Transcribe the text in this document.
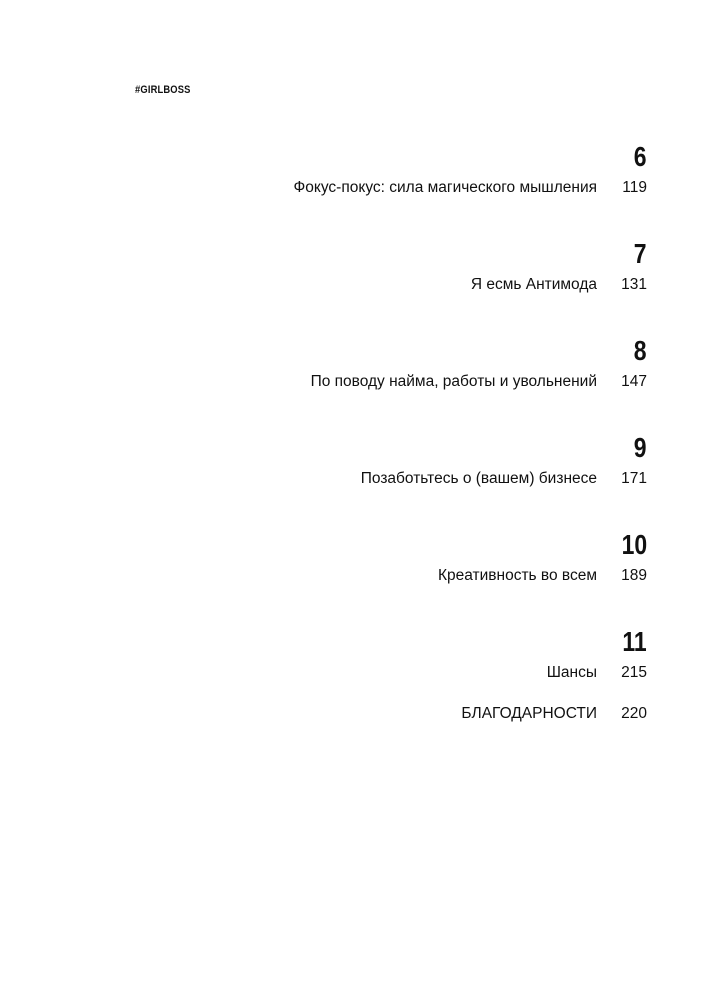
#GIRLBOSS
6
Фокус-покус: сила магического мышления 119
7
Я есмь Антимода 131
8
По поводу найма, работы и увольнений 147
9
Позаботьтесь о (вашем) бизнесе 171
10
Креативность во всем 189
11
Шансы 215
БЛАГОДАРНОСТИ 220
